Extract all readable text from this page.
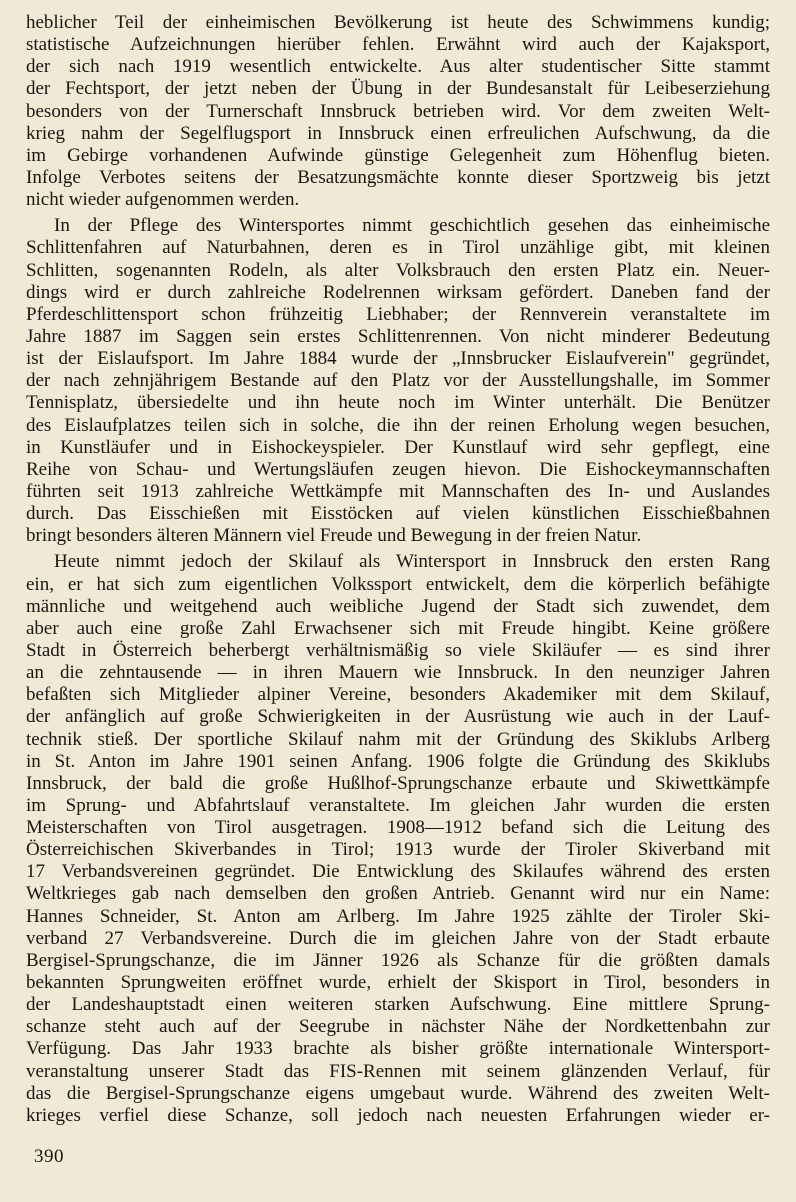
heblicher Teil der einheimischen Bevölkerung ist heute des Schwimmens kundig;
statistische Aufzeichnungen hierüber fehlen. Erwähnt wird auch der Kajaksport,
der sich nach 1919 wesentlich entwickelte. Aus alter studentischer Sitte stammt
der Fechtsport, der jetzt neben der Übung in der Bundesanstalt für Leibeserziehung
besonders von der Turnerschaft Innsbruck betrieben wird. Vor dem zweiten Welt-
krieg nahm der Segelflugsport in Innsbruck einen erfreulichen Aufschwung, da die
im Gebirge vorhandenen Aufwinde günstige Gelegenheit zum Höhenflug bieten.
Infolge Verbotes seitens der Besatzungsmächte konnte dieser Sportzweig bis jetzt
nicht wieder aufgenommen werden.
In der Pflege des Wintersportes nimmt geschichtlich gesehen das einheimische
Schlittenfahren auf Naturbahnen, deren es in Tirol unzählige gibt, mit kleinen
Schlitten, sogenannten Rodeln, als alter Volksbrauch den ersten Platz ein. Neuer-
dings wird er durch zahlreiche Rodelrennen wirksam gefördert. Daneben fand der
Pferdeschlittensport schon frühzeitig Liebhaber; der Rennverein veranstaltete im
Jahre 1887 im Saggen sein erstes Schlittenrennen. Von nicht minderer Bedeutung
ist der Eislaufsport. Im Jahre 1884 wurde der „Innsbrucker Eislaufverein" gegründet,
der nach zehnjährigem Bestande auf den Platz vor der Ausstellungshalle, im Sommer
Tennisplatz, übersiedelte und ihn heute noch im Winter unterhält. Die Benützer
des Eislaufplatzes teilen sich in solche, die ihn der reinen Erholung wegen besuchen,
in Kunstläufer und in Eishockeyspieler. Der Kunstlauf wird sehr gepflegt, eine
Reihe von Schau- und Wertungsläufen zeugen hievon. Die Eishockeymannschaften
führten seit 1913 zahlreiche Wettkämpfe mit Mannschaften des In- und Auslandes
durch. Das Eisschießen mit Eisstöcken auf vielen künstlichen Eisschießbahnen
bringt besonders älteren Männern viel Freude und Bewegung in der freien Natur.
Heute nimmt jedoch der Skilauf als Wintersport in Innsbruck den ersten Rang
ein, er hat sich zum eigentlichen Volkssport entwickelt, dem die körperlich befähigte
männliche und weitgehend auch weibliche Jugend der Stadt sich zuwendet, dem
aber auch eine große Zahl Erwachsener sich mit Freude hingibt. Keine größere
Stadt in Österreich beherbergt verhältnismäßig so viele Skiläufer — es sind ihrer
an die zehntausende — in ihren Mauern wie Innsbruck. In den neunziger Jahren
befaßten sich Mitglieder alpiner Vereine, besonders Akademiker mit dem Skilauf,
der anfänglich auf große Schwierigkeiten in der Ausrüstung wie auch in der Lauf-
technik stieß. Der sportliche Skilauf nahm mit der Gründung des Skiklubs Arlberg
in St. Anton im Jahre 1901 seinen Anfang. 1906 folgte die Gründung des Skiklubs
Innsbruck, der bald die große Hußlhof-Sprungschanze erbaute und Skiwettkämpfe
im Sprung- und Abfahrtslauf veranstaltete. Im gleichen Jahr wurden die ersten
Meisterschaften von Tirol ausgetragen. 1908—1912 befand sich die Leitung des
Österreichischen Skiverbandes in Tirol; 1913 wurde der Tiroler Skiverband mit
17 Verbandsvereinen gegründet. Die Entwicklung des Skilaufes während des ersten
Weltkrieges gab nach demselben den großen Antrieb. Genannt wird nur ein Name:
Hannes Schneider, St. Anton am Arlberg. Im Jahre 1925 zählte der Tiroler Ski-
verband 27 Verbandsvereine. Durch die im gleichen Jahre von der Stadt erbaute
Bergisel-Sprungschanze, die im Jänner 1926 als Schanze für die größten damals
bekannten Sprungweiten eröffnet wurde, erhielt der Skisport in Tirol, besonders in
der Landeshauptstadt einen weiteren starken Aufschwung. Eine mittlere Sprung-
schanze steht auch auf der Seegrube in nächster Nähe der Nordkettenbahn zur
Verfügung. Das Jahr 1933 brachte als bisher größte internationale Wintersport-
veranstaltung unserer Stadt das FIS-Rennen mit seinem glänzenden Verlauf, für
das die Bergisel-Sprungschanze eigens umgebaut wurde. Während des zweiten Welt-
krieges verfiel diese Schanze, soll jedoch nach neuesten Erfahrungen wieder er-
390
